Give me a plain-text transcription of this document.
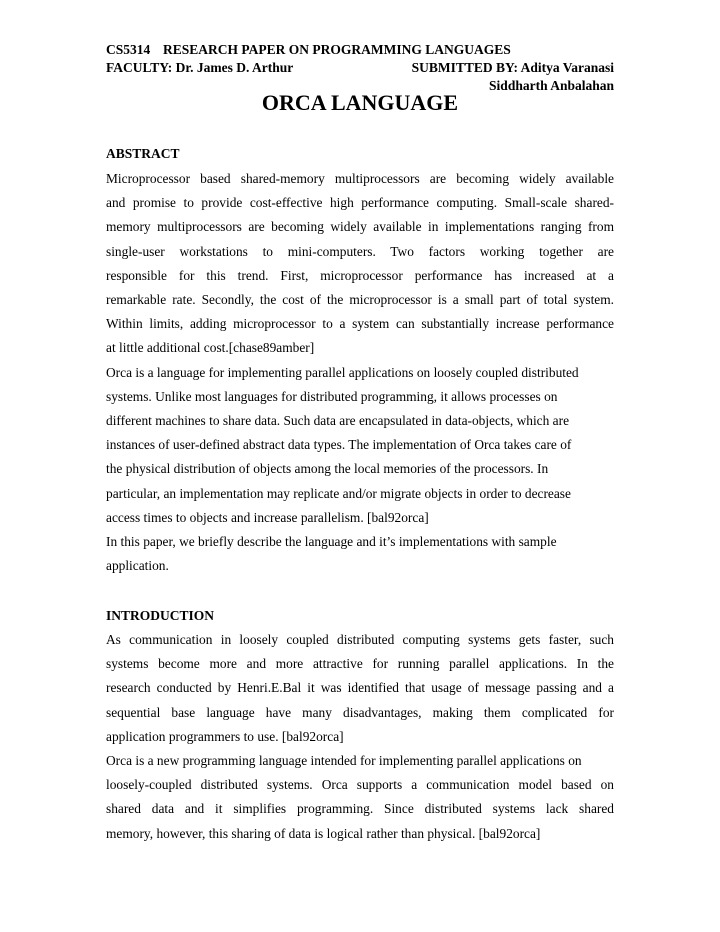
CS5314 RESEARCH PAPER ON PROGRAMMING LANGUAGES
FACULTY: Dr. James D. Arthur	SUBMITTED BY: Aditya Varanasi
Siddharth Anbalahan
ORCA LANGUAGE
ABSTRACT
Microprocessor based shared-memory multiprocessors are becoming widely available
and promise to provide cost-effective high performance computing. Small-scale shared-
memory multiprocessors are becoming widely available in implementations ranging from
single-user workstations to mini-computers. Two factors working together are
responsible for this trend. First, microprocessor performance has increased at a
remarkable rate. Secondly, the cost of the microprocessor is a small part of total system.
Within limits, adding microprocessor to a system can substantially increase performance
at little additional cost.[chase89amber]
Orca is a language for implementing parallel applications on loosely coupled distributed
systems. Unlike most languages for distributed programming, it allows processes on
different machines to share data. Such data are encapsulated in data-objects, which are
instances of user-defined abstract data types. The implementation of Orca takes care of
the physical distribution of objects among the local memories of the processors. In
particular, an implementation may replicate and/or migrate objects in order to decrease
access times to objects and increase parallelism. [bal92orca]
In this paper, we briefly describe the language and it’s implementations with sample
application.
INTRODUCTION
As communication in loosely coupled distributed computing systems gets faster, such
systems become more and more attractive for running parallel applications. In the
research conducted by Henri.E.Bal it was identified that usage of message passing and a
sequential base language have many disadvantages, making them complicated for
application programmers to use. [bal92orca]
Orca is a new programming language intended for implementing parallel applications on
loosely-coupled distributed systems. Orca supports a communication model based on
shared data and it simplifies programming. Since distributed systems lack shared
memory, however, this sharing of data is logical rather than physical. [bal92orca]
